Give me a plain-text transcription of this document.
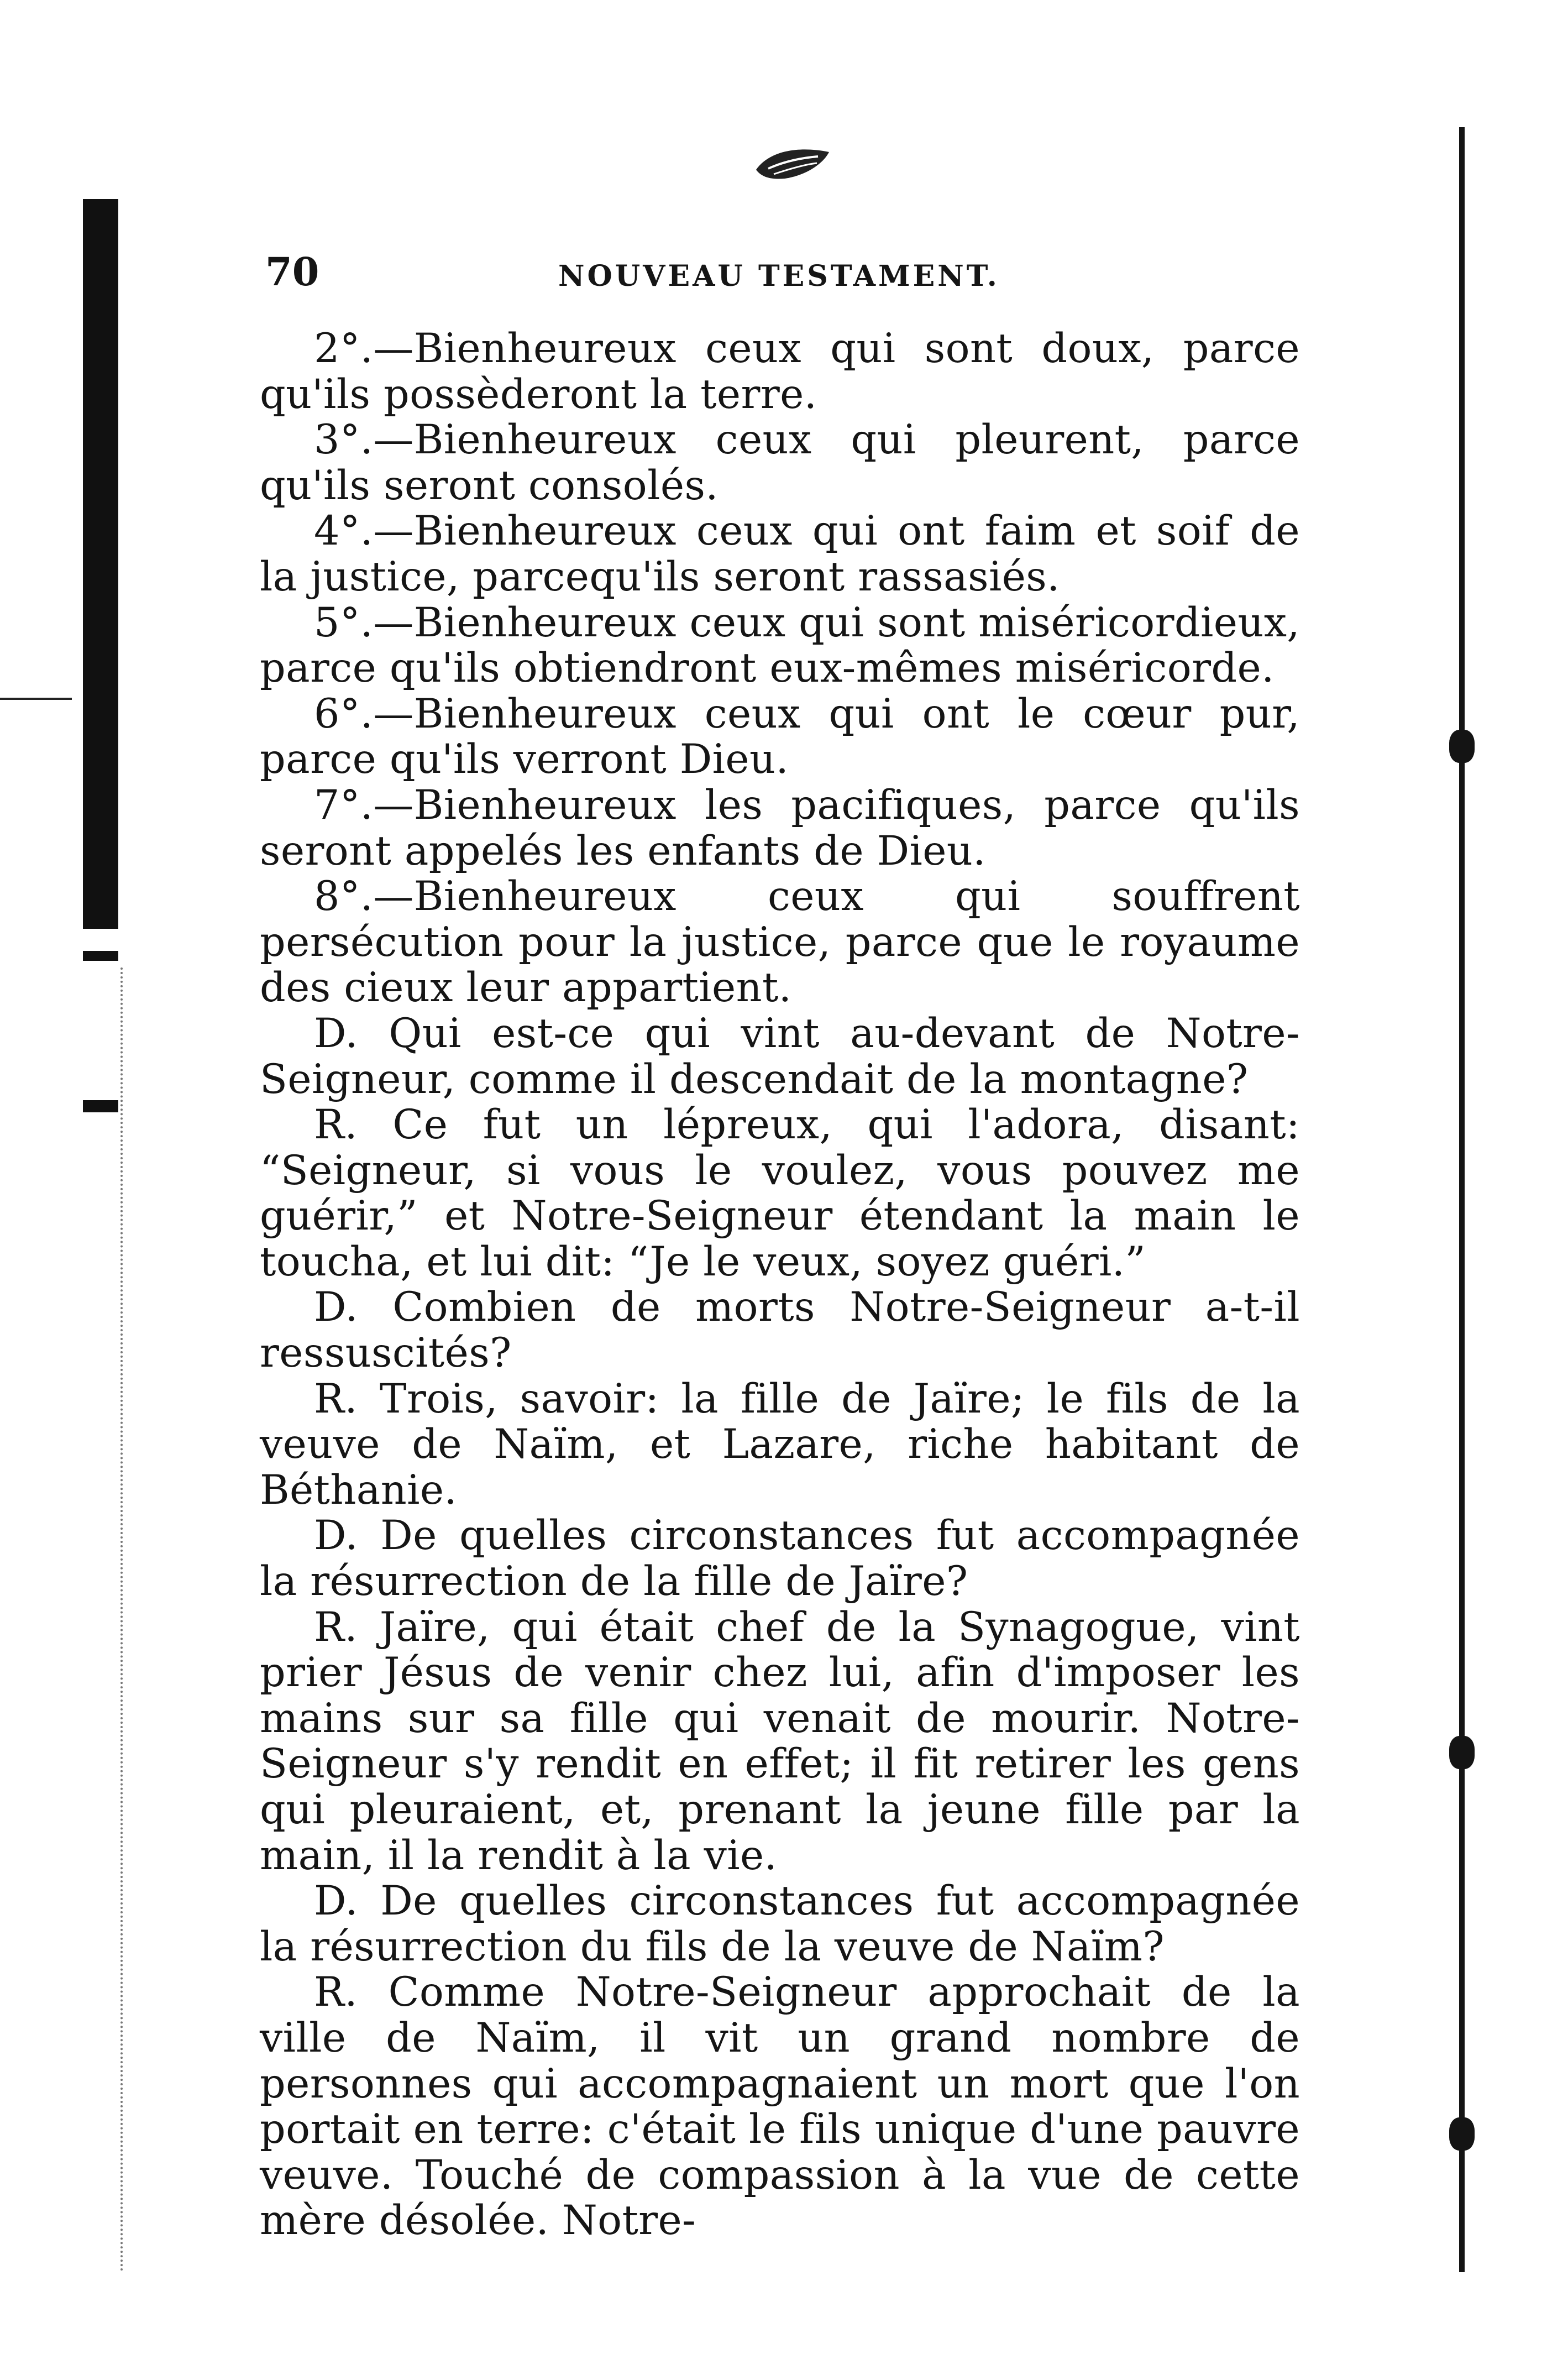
70	NOUVEAU TESTAMENT.

2°.—Bienheureux ceux qui sont doux, parce qu'ils possèderont la terre.

3°.—Bienheureux ceux qui pleurent, parce qu'ils seront consolés.

4°.—Bienheureux ceux qui ont faim et soif de la justice, parcequ'ils seront rassasiés.

5°.—Bienheureux ceux qui sont miséricordieux, parce qu'ils obtiendront eux-mêmes miséricorde.

6°.—Bienheureux ceux qui ont le cœur pur, parce qu'ils verront Dieu.

7°.—Bienheureux les pacifiques, parce qu'ils seront appelés les enfants de Dieu.

8°.—Bienheureux ceux qui souffrent persécution pour la justice, parce que le royaume des cieux leur appartient.

D. Qui est-ce qui vint au-devant de Notre-Seigneur, comme il descendait de la montagne?

R. Ce fut un lépreux, qui l'adora, disant: “Seigneur, si vous le voulez, vous pouvez me guérir,” et Notre-Seigneur étendant la main le toucha, et lui dit: “Je le veux, soyez guéri.”

D. Combien de morts Notre-Seigneur a-t-il ressuscités?

R. Trois, savoir: la fille de Jaïre; le fils de la veuve de Naïm, et Lazare, riche habitant de Béthanie.

D. De quelles circonstances fut accompagnée la résurrection de la fille de Jaïre?

R. Jaïre, qui était chef de la Synagogue, vint prier Jésus de venir chez lui, afin d'imposer les mains sur sa fille qui venait de mourir. Notre-Seigneur s'y rendit en effet; il fit retirer les gens qui pleuraient, et, prenant la jeune fille par la main, il la rendit à la vie.

D. De quelles circonstances fut accompagnée la résurrection du fils de la veuve de Naïm?

R. Comme Notre-Seigneur approchait de la ville de Naïm, il vit un grand nombre de personnes qui accompagnaient un mort que l'on portait en terre: c'était le fils unique d'une pauvre veuve. Touché de compassion à la vue de cette mère désolée. Notre-
